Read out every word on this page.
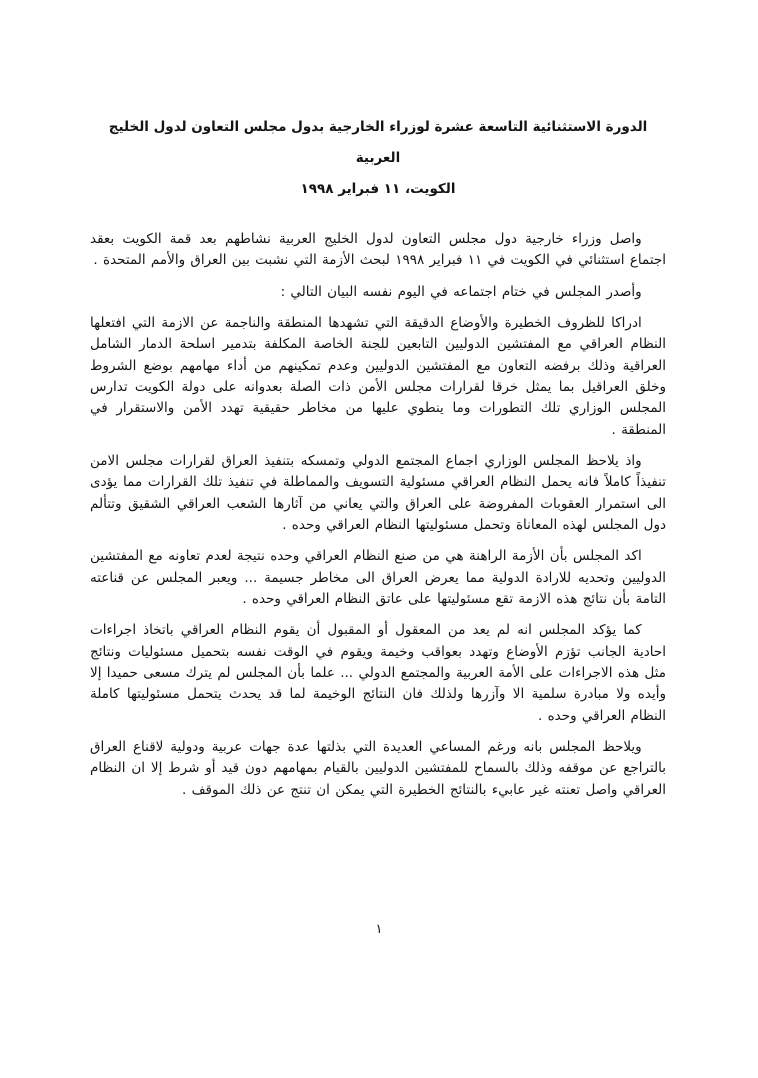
الدورة الاستثنائية التاسعة عشرة لوزراء الخارجية بدول مجلس التعاون لدول الخليج العربية
الكويت، ١١ فبراير ١٩٩٨

واصل وزراء خارجية دول مجلس التعاون لدول الخليج العربية نشاطهم بعد قمة الكويت بعقد اجتماع استثنائي في الكويت في ١١ فبراير ١٩٩٨ لبحث الأزمة التي نشبت بين العراق والأمم المتحدة .

وأصدر المجلس في ختام اجتماعه في اليوم نفسه البيان التالي :

ادراكا للظروف الخطيرة والأوضاع الدقيقة التي تشهدها المنطقة والناجمة عن الازمة التي افتعلها النظام العراقي مع المفتشين الدوليين التابعين للجنة الخاصة المكلفة بتدمير اسلحة الدمار الشامل العراقية وذلك برفضه التعاون مع المفتشين الدوليين وعدم تمكينهم من أداء مهامهم بوضع الشروط وخلق العراقيل بما يمثل خرقا لقرارات مجلس الأمن ذات الصلة بعدوانه على دولة الكويت تدارس المجلس الوزاري تلك التطورات وما ينطوي عليها من مخاطر حقيقية تهدد الأمن والاستقرار في المنطقة .

واذ يلاحظ المجلس الوزاري اجماع المجتمع الدولي وتمسكه بتنفيذ العراق لقرارات مجلس الامن تنفيذاً كاملاً فانه يحمل النظام العراقي مسئولية التسويف والمماطلة في تنفيذ تلك القرارات مما يؤدى الى استمرار العقوبات المفروضة على العراق والتي يعاني من آثارها الشعب العراقي الشقيق وتتألم دول المجلس لهذه المعاناة وتحمل مسئوليتها النظام العراقي وحده .

اكد المجلس بأن الأزمة الراهنة هي من صنع النظام العراقي وحده نتيجة لعدم تعاونه مع المفتشين الدوليين وتحديه للارادة الدولية مما يعرض العراق الى مخاطر جسيمة ... ويعبر المجلس عن قناعته التامة بأن نتائج هذه الازمة تقع مسئوليتها على عاتق النظام العراقي وحده .

كما يؤكد المجلس انه لم يعد من المعقول أو المقبول أن يقوم النظام العراقي باتخاذ اجراءات احادية الجانب تؤزم الأوضاع وتهدد بعواقب وخيمة ويقوم في الوقت نفسه بتحميل مسئوليات ونتائج مثل هذه الاجراءات على الأمة العربية والمجتمع الدولي ... علما بأن المجلس لم يترك مسعى حميدا إلا وأيده ولا مبادرة سلمية الا وآزرها ولذلك فان النتائج الوخيمة لما قد يحدث يتحمل مسئوليتها كاملة النظام العراقي وحده .

ويلاحظ المجلس بانه ورغم المساعي العديدة التي بذلتها عدة جهات عربية ودولية لاقناع العراق بالتراجع عن موقفه وذلك بالسماح للمفتشين الدوليين بالقيام بمهامهم دون قيد أو شرط إلا ان النظام العراقي واصل تعنته غير عابيء بالنتائج الخطيرة التي يمكن ان تنتج عن ذلك الموقف .

١
